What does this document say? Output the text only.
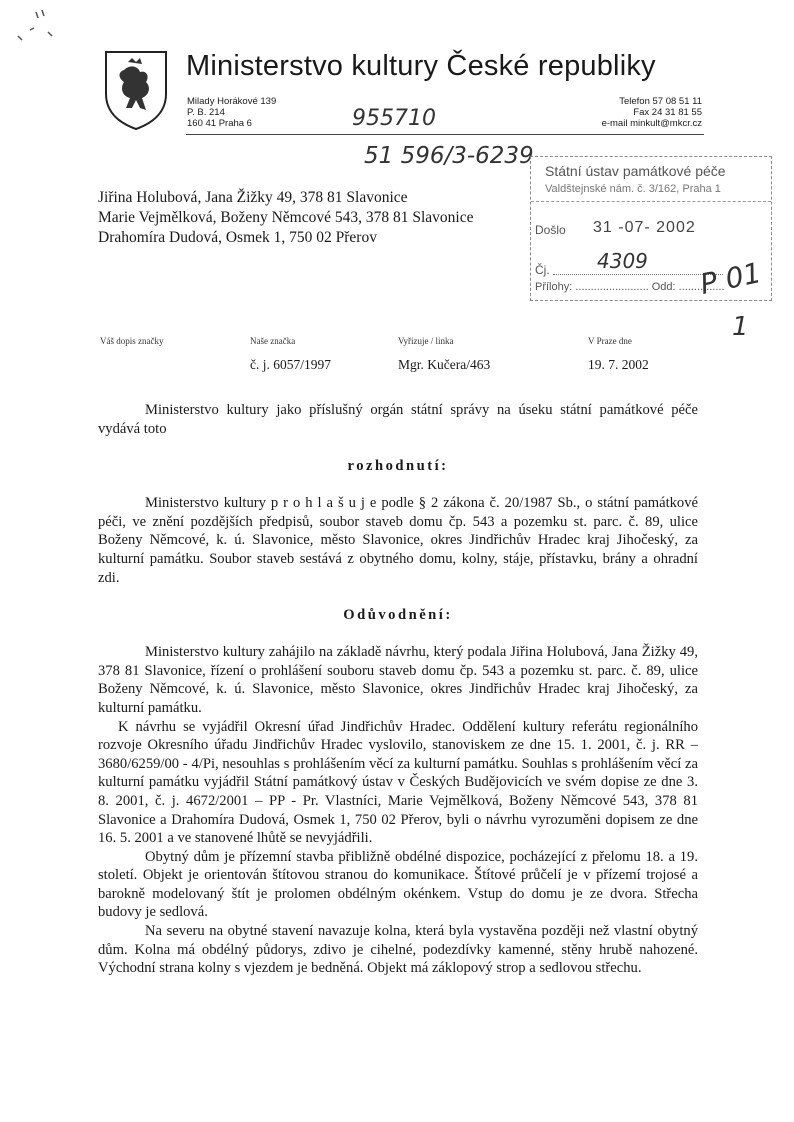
Ministerstvo kultury České republiky
Milady Horákové 139
P. B. 214
160 41 Praha 6
Telefon 57 08 51 11
Fax 24 31 81 55
e-mail minkult@mkcr.cz
955710
51 596/3-6239
Státní ústav památkové péče
Valdštejnské nám. č. 3/162, Praha 1
Došlo 31 -07- 2002
Čj. 4309
Přílohy: ........................ Odd: ...............
P 01
1
Jiřina Holubová, Jana Žižky 49, 378 81 Slavonice
Marie Vejmělková, Boženy Němcové 543, 378 81 Slavonice
Drahomíra Dudová, Osmek 1, 750 02 Přerov
Váš dopis značky	Naše značka
č. j. 6057/1997
Vyřizuje / linka
Mgr. Kučera/463
V Praze dne
19. 7. 2002

Ministerstvo kultury jako příslušný orgán státní správy na úseku státní památkové péče vydává toto

rozhodnutí:

Ministerstvo kultury p r o h l a š u j e podle § 2 zákona č. 20/1987 Sb., o státní památkové péči, ve znění pozdějších předpisů, soubor staveb domu čp. 543 a pozemku st. parc. č. 89, ulice Boženy Němcové, k. ú. Slavonice, město Slavonice, okres Jindřichův Hradec kraj Jihočeský, za kulturní památku. Soubor staveb sestává z obytného domu, kolny, stáje, přístavku, brány a ohradní zdi.

Odůvodnění:

Ministerstvo kultury zahájilo na základě návrhu, který podala Jiřina Holubová, Jana Žižky 49, 378 81 Slavonice, řízení o prohlášení souboru staveb domu čp. 543 a pozemku st. parc. č. 89, ulice Boženy Němcové, k. ú. Slavonice, město Slavonice, okres Jindřichův Hradec kraj Jihočeský, za kulturní památku.

K návrhu se vyjádřil Okresní úřad Jindřichův Hradec. Oddělení kultury referátu regionálního rozvoje Okresního úřadu Jindřichův Hradec vyslovilo, stanoviskem ze dne 15. 1. 2001, č. j. RR – 3680/6259/00 - 4/Pi, nesouhlas s prohlášením věcí za kulturní památku. Souhlas s prohlášením věcí za kulturní památku vyjádřil Státní památkový ústav v Českých Budějovicích ve svém dopise ze dne 3. 8. 2001, č. j. 4672/2001 – PP - Pr. Vlastníci, Marie Vejmělková, Boženy Němcové 543, 378 81 Slavonice a Drahomíra Dudová, Osmek 1, 750 02 Přerov, byli o návrhu vyrozuměni dopisem ze dne 16. 5. 2001 a ve stanovené lhůtě se nevyjádřili.

Obytný dům je přízemní stavba přibližně obdélné dispozice, pocházející z přelomu 18. a 19. století. Objekt je orientován štítovou stranou do komunikace. Štítové průčelí je v přízemí trojosé a barokně modelovaný štít je prolomen obdélným okénkem. Vstup do domu je ze dvora. Střecha budovy je sedlová.

Na severu na obytné stavení navazuje kolna, která byla vystavěna později než vlastní obytný dům. Kolna má obdélný půdorys, zdivo je cihelné, podezdívky kamenné, stěny hrubě nahozené. Východní strana kolny s vjezdem je bedněná. Objekt má záklopový strop a sedlovou střechu.
